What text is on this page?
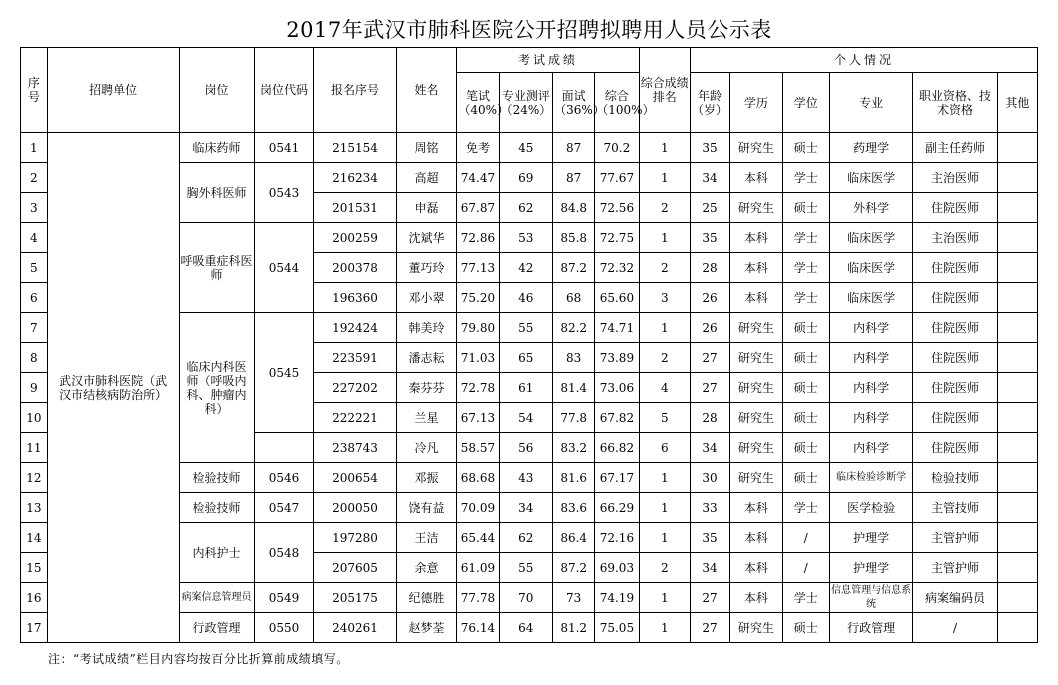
2017年武汉市肺科医院公开招聘拟聘用人员公示表
序号	招聘单位	岗位	岗位代码	报名序号	姓名	考试成绩				综合成绩排名	个人情况					
						笔试（40%）	专业测评（24%）	面试（36%）	综合（100%）		年龄（岁）	学历	学位	专业	职业资格、技术资格	其他
1	武汉市肺科医院（武汉市结核病防治所）	临床药师	0541	215154	周铭	免考	45	87	70.2	1	35	研究生	硕士	药理学	副主任药师	
2		胸外科医师	0543	216234	高超	74.47	69	87	77.67	1	34	本科	学士	临床医学	主治医师	
3				201531	申磊	67.87	62	84.8	72.56	2	25	研究生	硕士	外科学	住院医师	
4		呼吸重症科医师	0544	200259	沈斌华	72.86	53	85.8	72.75	1	35	本科	学士	临床医学	主治医师	
5				200378	董巧玲	77.13	42	87.2	72.32	2	28	本科	学士	临床医学	住院医师	
6				196360	邓小翠	75.20	46	68	65.60	3	26	本科	学士	临床医学	住院医师	
7		临床内科医师（呼吸内科、肿瘤内科）	0545	192424	韩美玲	79.80	55	82.2	74.71	1	26	研究生	硕士	内科学	住院医师	
8				223591	潘志耘	71.03	65	83	73.89	2	27	研究生	硕士	内科学	住院医师	
9				227202	秦芬芬	72.78	61	81.4	73.06	4	27	研究生	硕士	内科学	住院医师	
10				222221	兰星	67.13	54	77.8	67.82	5	28	研究生	硕士	内科学	住院医师	
11				238743	冷凡	58.57	56	83.2	66.82	6	34	研究生	硕士	内科学	住院医师	
12		检验技师	0546	200654	邓振	68.68	43	81.6	67.17	1	30	研究生	硕士	临床检验诊断学	检验技师	
13		检验技师	0547	200050	饶有益	70.09	34	83.6	66.29	1	33	本科	学士	医学检验	主管技师	
14		内科护士	0548	197280	王洁	65.44	62	86.4	72.16	1	35	本科	/	护理学	主管护师	
15				207605	余意	61.09	55	87.2	69.03	2	34	本科	/	护理学	主管护师	
16		病案信息管理员	0549	205175	纪德胜	77.78	70	73	74.19	1	27	本科	学士	信息管理与信息系统	病案编码员	
17		行政管理	0550	240261	赵梦荃	76.14	64	81.2	75.05	1	27	研究生	硕士	行政管理	/	
注：“考试成绩”栏目内容均按百分比折算前成绩填写。
